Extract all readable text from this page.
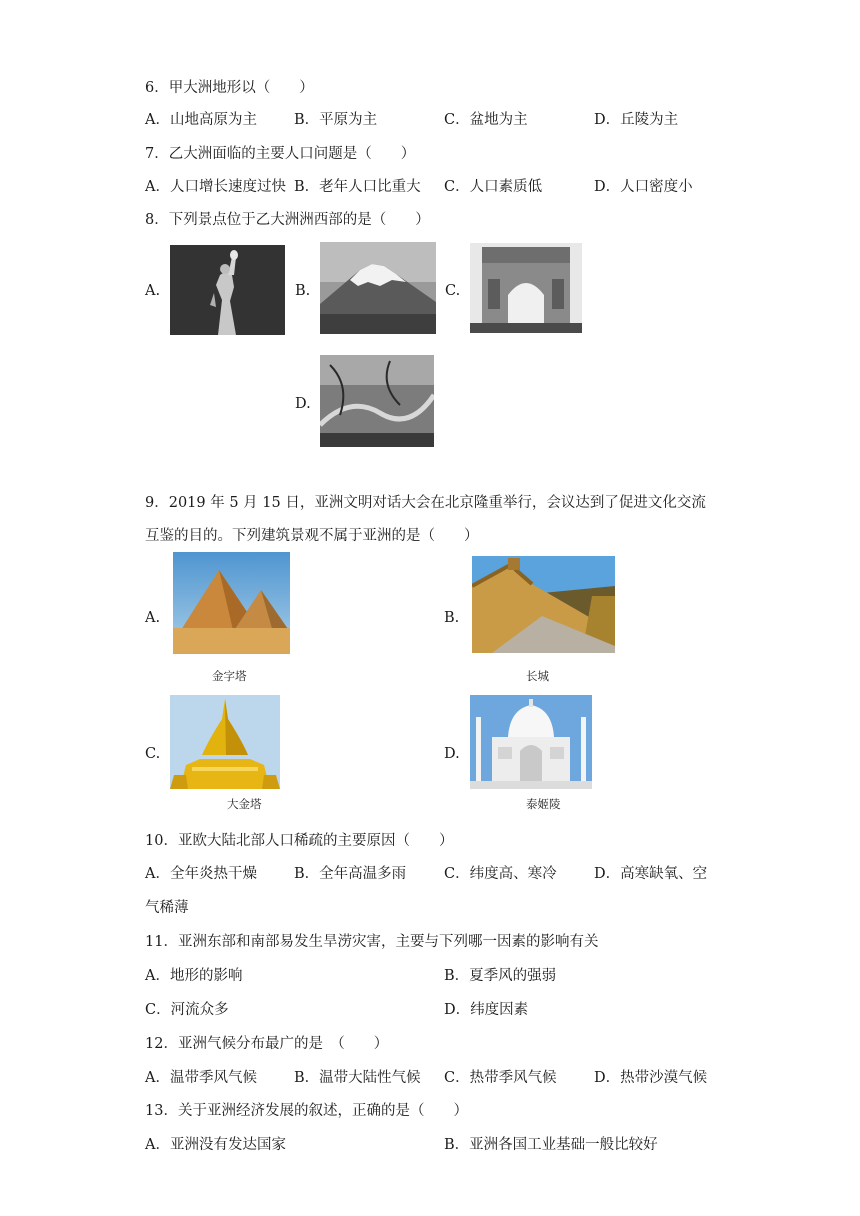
6．甲大洲地形以（　　）
A．山地高原为主	B．平原为主	C．盆地为主	D．丘陵为主
7．乙大洲面临的主要人口问题是（　　）
A．人口增长速度过快 B．老年人口比重大 C．人口素质低	D．人口密度小
8．下列景点位于乙大洲洲西部的是（　　）
A.	B.	C.
D.
9．2019 年 5 月 15 日，亚洲文明对话大会在北京隆重举行，会议达到了促进文化交流
互鉴的目的。下列建筑景观不属于亚洲的是（　　）
A.
金字塔
B.
长城
C.
大金塔
D.
泰姬陵
10．亚欧大陆北部人口稀疏的主要原因（　　）
A．全年炎热干燥	B．全年高温多雨	C．纬度高、寒冷	D．高寒缺氧、空
气稀薄
11．亚洲东部和南部易发生旱涝灾害，主要与下列哪一因素的影响有关
A．地形的影响	B．夏季风的强弱
C．河流众多	D．纬度因素
12．亚洲气候分布最广的是　（　　）
A．温带季风气候	B．温带大陆性气候 C．热带季风气候	D．热带沙漠气候
13．关于亚洲经济发展的叙述，正确的是（　　）
A．亚洲没有发达国家	B．亚洲各国工业基础一般比较好
